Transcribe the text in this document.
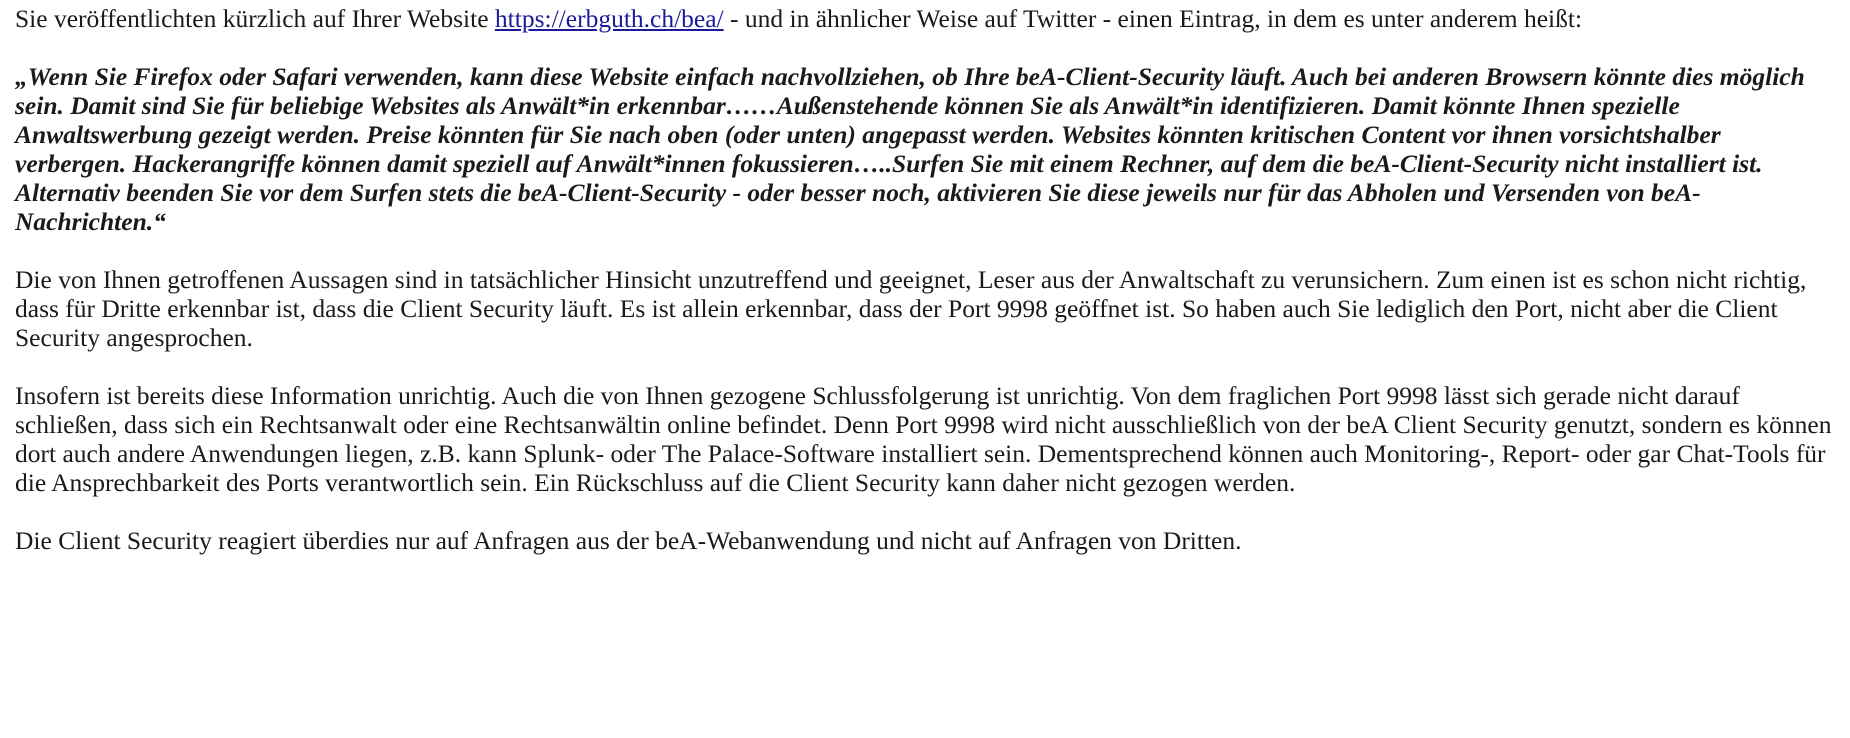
Sie veröffentlichten kürzlich auf Ihrer Website https://erbguth.ch/bea/ - und in ähnlicher Weise auf Twitter - einen Eintrag, in dem es unter anderem heißt:

„Wenn Sie Firefox oder Safari verwenden, kann diese Website einfach nachvollziehen, ob Ihre beA-Client-Security läuft. Auch bei anderen Browsern könnte dies möglich sein. Damit sind Sie für beliebige Websites als Anwält*in erkennbar……Außenstehende können Sie als Anwält*in identifizieren. Damit könnte Ihnen spezielle Anwaltswerbung gezeigt werden. Preise könnten für Sie nach oben (oder unten) angepasst werden. Websites könnten kritischen Content vor ihnen vorsichtshalber verbergen. Hackerangriffe können damit speziell auf Anwält*innen fokussieren…..Surfen Sie mit einem Rechner, auf dem die beA-Client-Security nicht installiert ist. Alternativ beenden Sie vor dem Surfen stets die beA-Client-Security - oder besser noch, aktivieren Sie diese jeweils nur für das Abholen und Versenden von beA-Nachrichten.“

Die von Ihnen getroffenen Aussagen sind in tatsächlicher Hinsicht unzutreffend und geeignet, Leser aus der Anwaltschaft zu verunsichern. Zum einen ist es schon nicht richtig, dass für Dritte erkennbar ist, dass die Client Security läuft. Es ist allein erkennbar, dass der Port 9998 geöffnet ist. So haben auch Sie lediglich den Port, nicht aber die Client Security angesprochen.

Insofern ist bereits diese Information unrichtig. Auch die von Ihnen gezogene Schlussfolgerung ist unrichtig. Von dem fraglichen Port 9998 lässt sich gerade nicht darauf schließen, dass sich ein Rechtsanwalt oder eine Rechtsanwältin online befindet. Denn Port 9998 wird nicht ausschließlich von der beA Client Security genutzt, sondern es können dort auch andere Anwendungen liegen, z.B. kann Splunk- oder The Palace-Software installiert sein. Dementsprechend können auch Monitoring-, Report- oder gar Chat-Tools für die Ansprechbarkeit des Ports verantwortlich sein. Ein Rückschluss auf die Client Security kann daher nicht gezogen werden.

Die Client Security reagiert überdies nur auf Anfragen aus der beA-Webanwendung und nicht auf Anfragen von Dritten.
